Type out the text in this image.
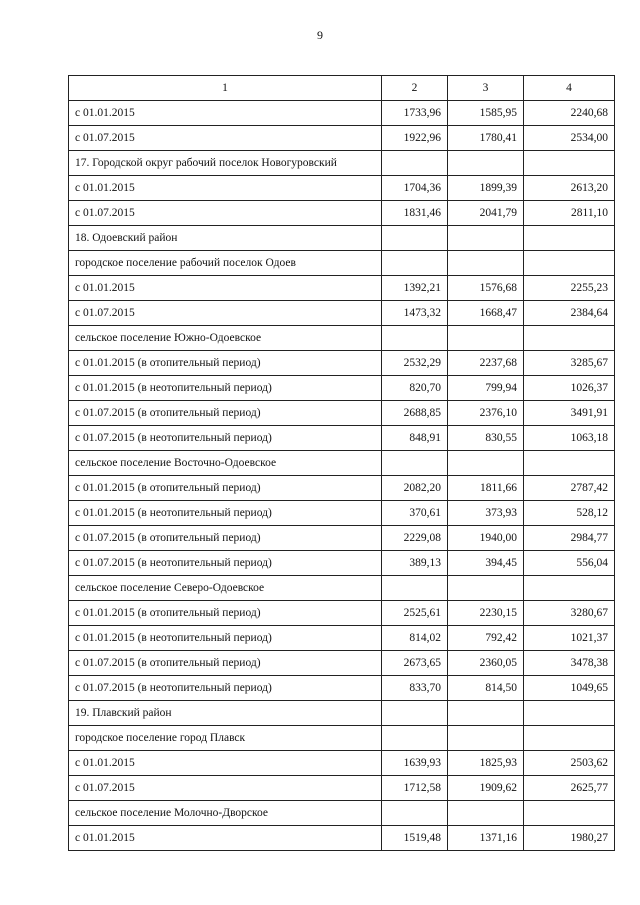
9
1	2	3	4
с 01.01.2015	1733,96	1585,95	2240,68
с 01.07.2015	1922,96	1780,41	2534,00
17. Городской округ рабочий поселок Новогуровский			
с 01.01.2015	1704,36	1899,39	2613,20
с 01.07.2015	1831,46	2041,79	2811,10
18. Одоевский район			
городское поселение рабочий поселок Одоев			
с 01.01.2015	1392,21	1576,68	2255,23
с 01.07.2015	1473,32	1668,47	2384,64
сельское поселение Южно-Одоевское			
с 01.01.2015 (в отопительный период)	2532,29	2237,68	3285,67
с 01.01.2015 (в неотопительный период)	820,70	799,94	1026,37
с 01.07.2015 (в отопительный период)	2688,85	2376,10	3491,91
с 01.07.2015 (в неотопительный период)	848,91	830,55	1063,18
сельское поселение Восточно-Одоевское			
с 01.01.2015 (в отопительный период)	2082,20	1811,66	2787,42
с 01.01.2015 (в неотопительный период)	370,61	373,93	528,12
с 01.07.2015 (в отопительный период)	2229,08	1940,00	2984,77
с 01.07.2015 (в неотопительный период)	389,13	394,45	556,04
сельское поселение Северо-Одоевское			
с 01.01.2015 (в отопительный период)	2525,61	2230,15	3280,67
с 01.01.2015 (в неотопительный период)	814,02	792,42	1021,37
с 01.07.2015 (в отопительный период)	2673,65	2360,05	3478,38
с 01.07.2015 (в неотопительный период)	833,70	814,50	1049,65
19. Плавский район			
городское поселение город Плавск			
с 01.01.2015	1639,93	1825,93	2503,62
с 01.07.2015	1712,58	1909,62	2625,77
сельское поселение Молочно-Дворское			
с 01.01.2015	1519,48	1371,16	1980,27
